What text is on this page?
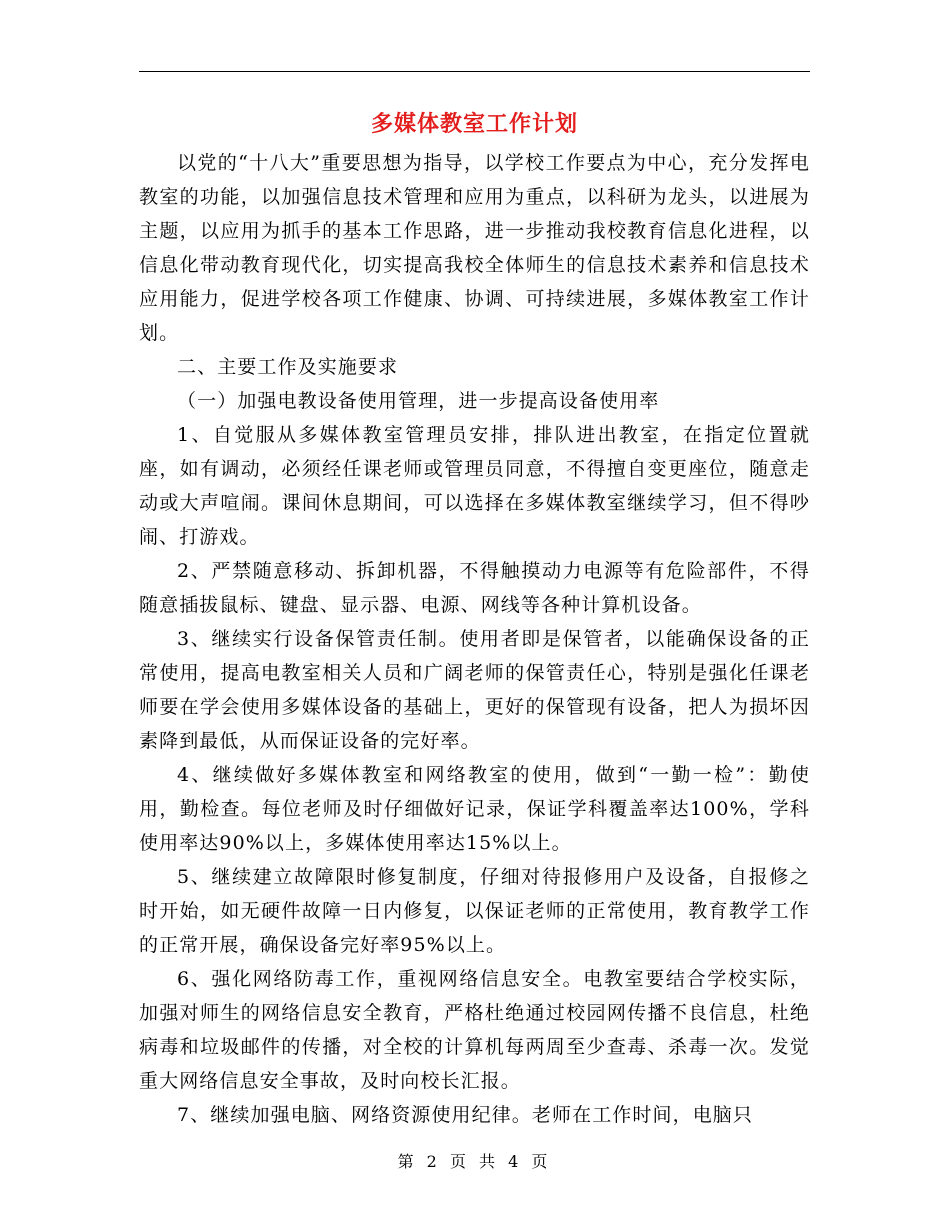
多媒体教室工作计划

以党的“十八大”重要思想为指导，以学校工作要点为中心，充分发挥电教室的功能，以加强信息技术管理和应用为重点，以科研为龙头，以进展为主题，以应用为抓手的基本工作思路，进一步推动我校教育信息化进程，以信息化带动教育现代化，切实提高我校全体师生的信息技术素养和信息技术应用能力，促进学校各项工作健康、协调、可持续进展，多媒体教室工作计划。

二、主要工作及实施要求

（一）加强电教设备使用管理，进一步提高设备使用率

1、自觉服从多媒体教室管理员安排，排队进出教室，在指定位置就座，如有调动，必须经任课老师或管理员同意，不得擅自变更座位，随意走动或大声喧闹。课间休息期间，可以选择在多媒体教室继续学习，但不得吵闹、打游戏。

2、严禁随意移动、拆卸机器，不得触摸动力电源等有危险部件，不得随意插拔鼠标、键盘、显示器、电源、网线等各种计算机设备。

3、继续实行设备保管责任制。使用者即是保管者，以能确保设备的正常使用，提高电教室相关人员和广阔老师的保管责任心，特别是强化任课老师要在学会使用多媒体设备的基础上，更好的保管现有设备，把人为损坏因素降到最低，从而保证设备的完好率。

4、继续做好多媒体教室和网络教室的使用，做到“一勤一检”：勤使用，勤检查。每位老师及时仔细做好记录，保证学科覆盖率达100%，学科使用率达90%以上，多媒体使用率达15%以上。

5、继续建立故障限时修复制度，仔细对待报修用户及设备，自报修之时开始，如无硬件故障一日内修复，以保证老师的正常使用，教育教学工作的正常开展，确保设备完好率95%以上。

6、强化网络防毒工作，重视网络信息安全。电教室要结合学校实际，加强对师生的网络信息安全教育，严格杜绝通过校园网传播不良信息，杜绝病毒和垃圾邮件的传播，对全校的计算机每两周至少查毒、杀毒一次。发觉重大网络信息安全事故，及时向校长汇报。

7、继续加强电脑、网络资源使用纪律。老师在工作时间，电脑只

第 2 页 共 4 页
